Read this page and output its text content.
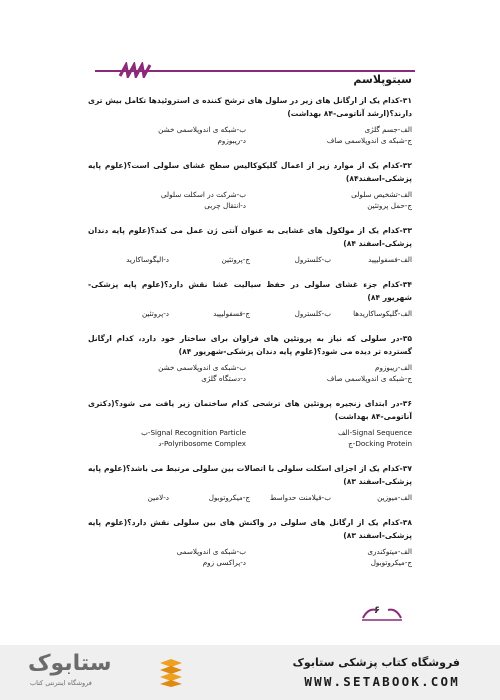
سیتوپلاسم
۳۱-کدام یک از ارگانل های زیر در سلول های ترشح کننده ی استروئیدها تکامل بیش تری دارند؟(ارشد آناتومی-۸۴ بهداشت)
الف-جسم گلژی
ب-شبکه ی اندوپلاسمی خشن
ج-شبکه ی اندوپلاسمی صاف
د-ریبوزوم
۳۲-کدام یک از موارد زیر از اعمال گلیکوکالیس سطح غشای سلولی است؟(علوم پایه پزشکی-اسفند۸۴)
الف-تشخیص سلولی
ب-شرکت در اسکلت سلولی
ج-حمل پروتئین
د-انتقال چربی
۳۳-کدام یک از مولکول های غشایی به عنوان آنتی ژن عمل می کند؟(علوم پایه دندان پزشکی-اسفند ۸۴)
الف-فسفولیپید
ب-کلسترول
ج-پروتئین
د-الیگوساکارید
۳۴-کدام جزء غشای سلولی در حفظ سیالیت غشا نقش دارد؟(علوم پایه پزشکی-شهریور ۸۴)
الف-گلیکوساکاریدها
ب-کلسترول
ج-فسفولیپید
د-پروتئین
۳۵-در سلولی که نیاز به پروتئین های فراوان برای ساختار خود دارد، کدام ارگانل گسترده تر دیده می شود؟(علوم پایه دندان پزشکی-شهریور ۸۴)
الف-ریبوزوم
ب-شبکه ی اندوپلاسمی خشن
ج-شبکه ی اندوپلاسمی صاف
د-دستگاه گلژی
۳۶-در ابتدای زنجیره پروتئین های ترشحی کدام ساختمان زیر یافت می شود؟(دکتری آناتومی-۸۴ بهداشت)
الف-Signal Sequence
ب-Signal Recognition Particle
ج-Docking Protein
د-Polyribosome Complex
۳۷-کدام یک از اجزای اسکلت سلولی با اتصالات بین سلولی مرتبط می باشد؟(علوم پایه پزشکی-اسفند ۸۳)
الف-میوزین
ب-فیلامنت حدواسط
ج-میکروتوبول
د-لامین
۳۸-کدام یک از ارگانل های سلولی در واکنش های بین سلولی نقش دارد؟(علوم پایه پزشکی-اسفند ۸۳)
الف-میتوکندری
ب-شبکه ی اندوپلاسمی
ج-میکروتوبول
د-پراکسی زوم
۶
ستابوک
فروشگاه اینترنتی کتاب
فروشگاه کتاب پزشکی ستابوک
WWW.SETABOOK.COM
